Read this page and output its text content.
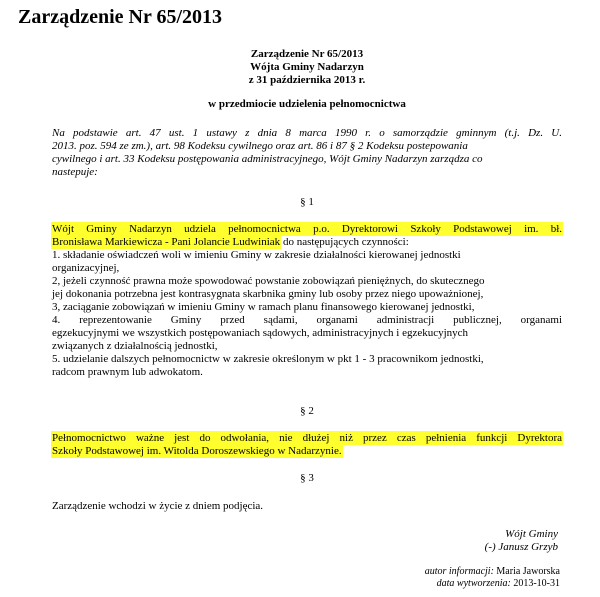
Zarządzenie Nr 65/2013
Zarządzenie Nr 65/2013
Wójta Gminy Nadarzyn
z 31 października 2013 r.
w przedmiocie udzielenia pełnomocnictwa
Na podstawie art. 47 ust. 1 ustawy z dnia 8 marca 1990 r. o samorządzie gminnym (t.j. Dz. U.
2013. poz. 594 ze zm.), art. 98 Kodeksu cywilnego oraz art. 86 i 87 § 2 Kodeksu postepowania
cywilnego i art. 33 Kodeksu postępowania administracyjnego, Wójt Gminy Nadarzyn zarządza co
nastepuje:
§ 1
Wójt Gminy Nadarzyn udziela pełnomocnictwa p.o. Dyrektorowi Szkoły Podstawowej im. bł.
Bronisława Markiewicza - Pani Jolancie Ludwiniak do następujących czynności:
1. składanie oświadczeń woli w imieniu Gminy w zakresie działalności kierowanej jednostki
organizacyjnej,
2, jeżeli czynność prawna może spowodować powstanie zobowiązań pieniężnych, do skutecznego
jej dokonania potrzebna jest kontrasygnata skarbnika gminy lub osoby przez niego upoważnionej,
3, zaciąganie zobowiązań w imieniu Gminy w ramach planu finansowego kierowanej jednostki,
4. reprezentowanie Gminy przed sądami, organami administracji publicznej, organami
egzekucyjnymi we wszystkich postępowaniach sądowych, administracyjnych i egzekucyjnych
związanych z działalnością jednostki,
5. udzielanie dalszych pełnomocnictw w zakresie określonym w pkt 1 - 3 pracownikom jednostki,
radcom prawnym lub adwokatom.
§ 2
Pełnomocnictwo ważne jest do odwołania, nie dłużej niż przez czas pełnienia funkcji Dyrektora
Szkoły Podstawowej im. Witolda Doroszewskiego w Nadarzynie.
§ 3
Zarządzenie wchodzi w życie z dniem podjęcia.
Wójt Gminy
(-) Janusz Grzyb
autor informacji: Maria Jaworska
data wytworzenia: 2013-10-31
